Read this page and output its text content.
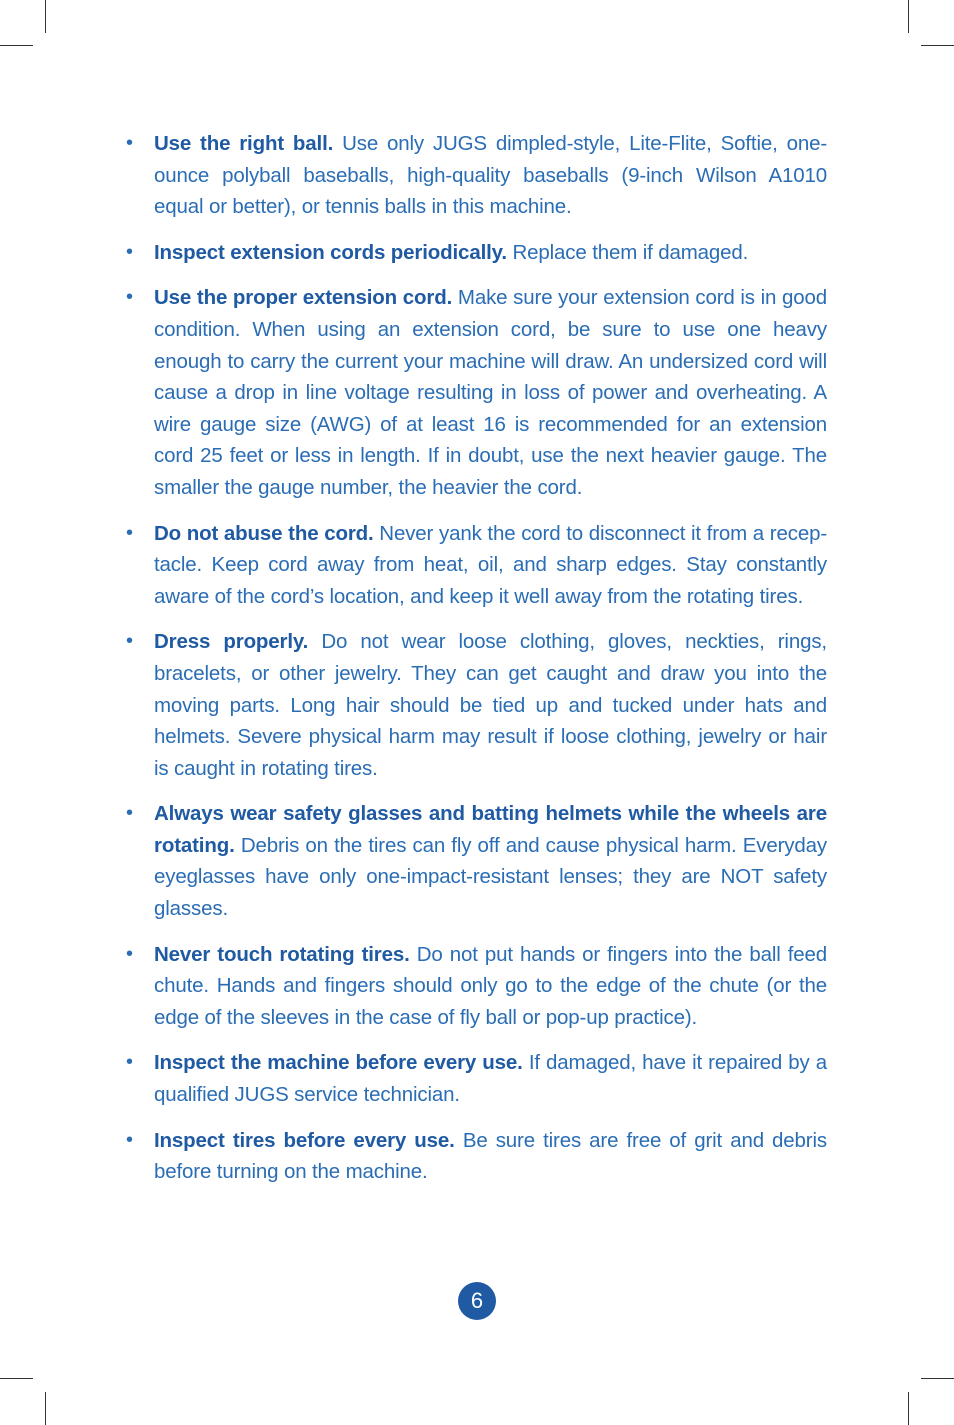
• Use the right ball. Use only JUGS dimpled-style, Lite-Flite, Softie, one-ounce polyball baseballs, high-quality baseballs (9-inch Wilson A1010 equal or better), or tennis balls in this machine.
• Inspect extension cords periodically. Replace them if damaged.
• Use the proper extension cord. Make sure your extension cord is in good condition. When using an extension cord, be sure to use one heavy enough to carry the current your machine will draw. An undersized cord will cause a drop in line voltage resulting in loss of power and overheating. A wire gauge size (AWG) of at least 16 is recommended for an extension cord 25 feet or less in length. If in doubt, use the next heavier gauge. The smaller the gauge number, the heavier the cord.
• Do not abuse the cord. Never yank the cord to disconnect it from a recep-tacle. Keep cord away from heat, oil, and sharp edges. Stay constantly aware of the cord’s location, and keep it well away from the rotating tires.
• Dress properly. Do not wear loose clothing, gloves, neckties, rings, bracelets, or other jewelry. They can get caught and draw you into the moving parts. Long hair should be tied up and tucked under hats and helmets. Severe physical harm may result if loose clothing, jewelry or hair is caught in rotating tires.
• Always wear safety glasses and batting helmets while the wheels are rotating. Debris on the tires can fly off and cause physical harm. Everyday eyeglasses have only one-impact-resistant lenses; they are NOT safety glasses.
• Never touch rotating tires. Do not put hands or fingers into the ball feed chute. Hands and fingers should only go to the edge of the chute (or the edge of the sleeves in the case of fly ball or pop-up practice).
• Inspect the machine before every use. If damaged, have it repaired by a qualified JUGS service technician.
• Inspect tires before every use. Be sure tires are free of grit and debris before turning on the machine.
6
